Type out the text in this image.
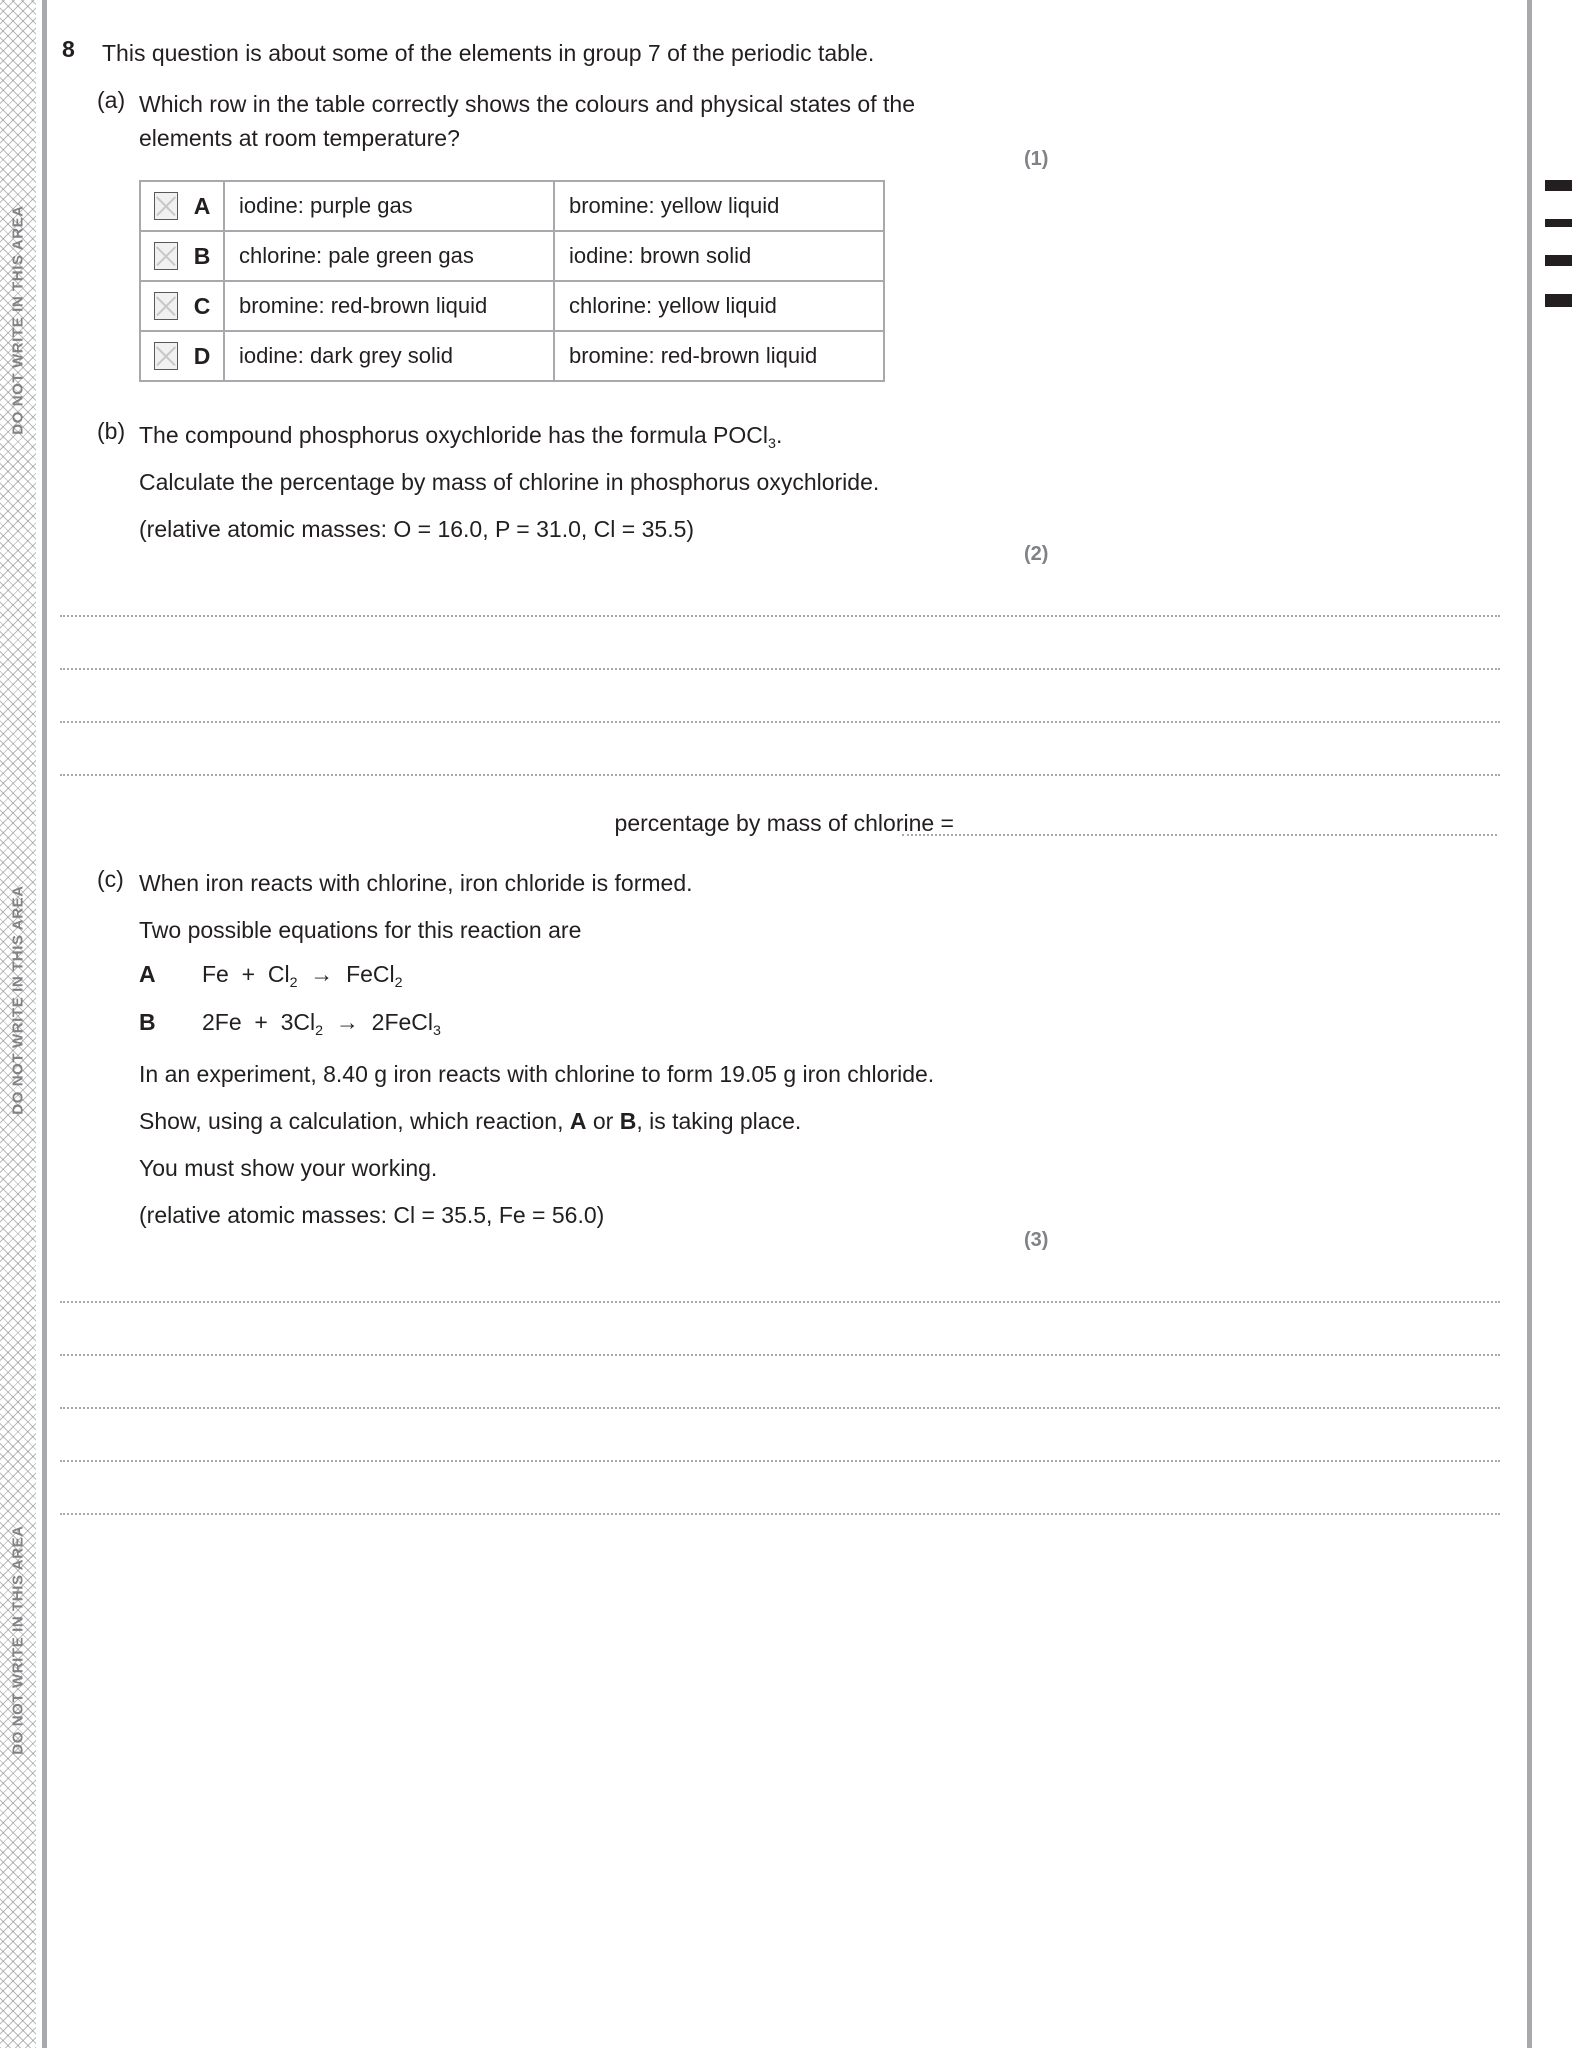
DO NOT WRITE IN THIS AREA
DO NOT WRITE IN THIS AREA
DO NOT WRITE IN THIS AREA
8 This question is about some of the elements in group 7 of the periodic table.
(a) Which row in the table correctly shows the colours and physical states of the
elements at room temperature?
(1)
A	iodine: purple gas	bromine: yellow liquid

B	chlorine: pale green gas	iodine: brown solid

C	bromine: red-brown liquid	chlorine: yellow liquid

D	iodine: dark grey solid	bromine: red-brown liquid
(b) The compound phosphorus oxychloride has the formula POCl$_3$.
Calculate the percentage by mass of chlorine in phosphorus oxychloride.
(relative atomic masses: O = 16.0, P = 31.0, Cl = 35.5)
(2)
percentage by mass of chlorine =
(c) When iron reacts with chlorine, iron chloride is formed.
Two possible equations for this reaction are
A $Fe + Cl_2$ → FeCl$_2$
B $2Fe + 3Cl_2$ → 2FeCl$_3$
In an experiment, 8.40 g iron reacts with chlorine to form 19.05 g iron chloride.
Show, using a calculation, which reaction, A or B, is taking place.
You must show your working.
(relative atomic masses: Cl = 35.5, Fe = 56.0)
(3)
